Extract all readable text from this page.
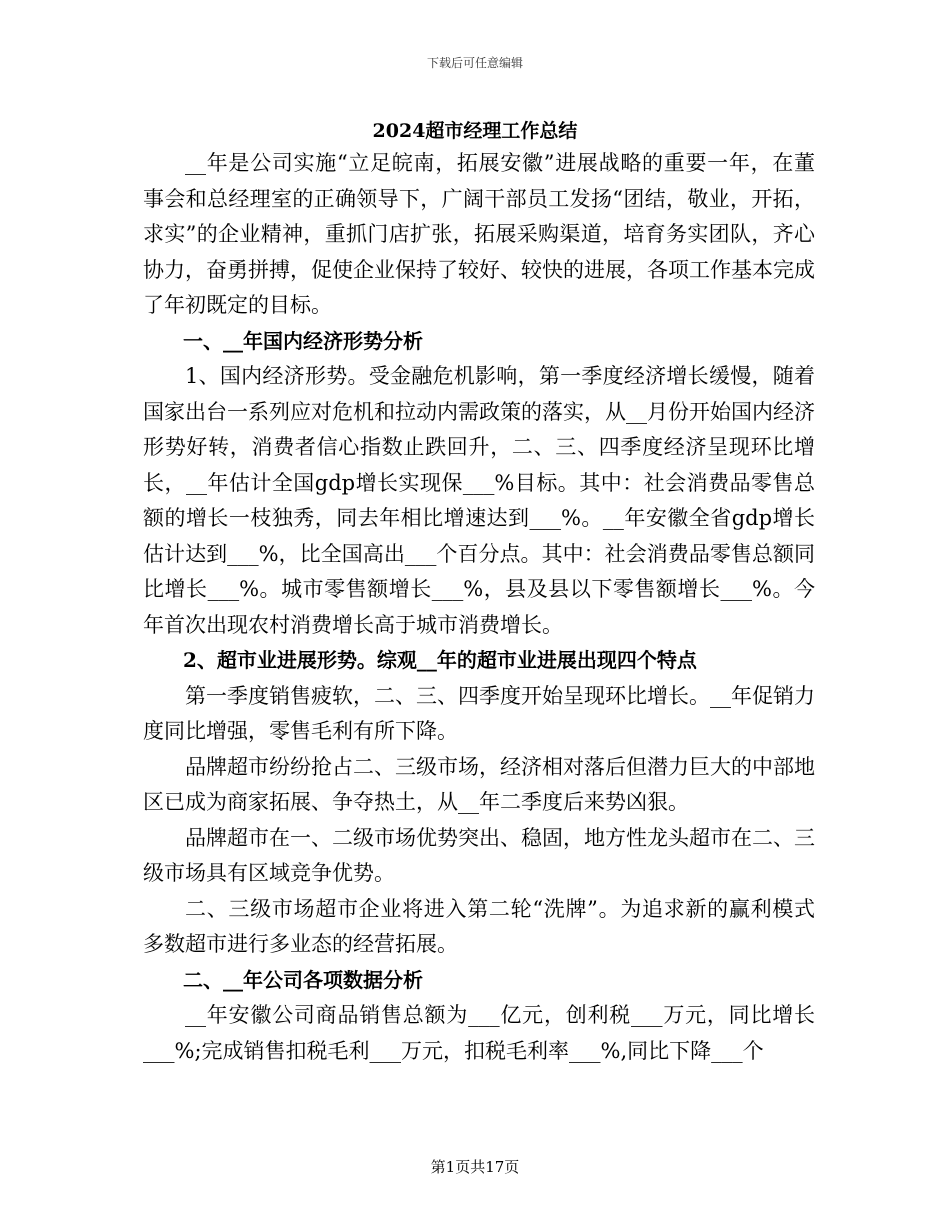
下载后可任意编辑
2024超市经理工作总结

__年是公司实施“立足皖南，拓展安徽”进展战略的重要一年，在董事会和总经理室的正确领导下，广阔干部员工发扬“团结，敬业，开拓，求实”的企业精神，重抓门店扩张，拓展采购渠道，培育务实团队，齐心协力，奋勇拼搏，促使企业保持了较好、较快的进展，各项工作基本完成了年初既定的目标。

一、__年国内经济形势分析

1、国内经济形势。受金融危机影响，第一季度经济增长缓慢，随着国家出台一系列应对危机和拉动内需政策的落实，从__月份开始国内经济形势好转，消费者信心指数止跌回升，二、三、四季度经济呈现环比增长，__年估计全国gdp增长实现保___%目标。其中：社会消费品零售总额的增长一枝独秀，同去年相比增速达到___%。__年安徽全省gdp增长估计达到___%，比全国高出___个百分点。其中：社会消费品零售总额同比增长___%。城市零售额增长___%，县及县以下零售额增长___%。今年首次出现农村消费增长高于城市消费增长。

2、超市业进展形势。综观__年的超市业进展出现四个特点

第一季度销售疲软，二、三、四季度开始呈现环比增长。__年促销力度同比增强，零售毛利有所下降。

品牌超市纷纷抢占二、三级市场，经济相对落后但潜力巨大的中部地区已成为商家拓展、争夺热土，从__年二季度后来势凶狠。

品牌超市在一、二级市场优势突出、稳固，地方性龙头超市在二、三级市场具有区域竞争优势。

二、三级市场超市企业将进入第二轮“洗牌”。为追求新的赢利模式多数超市进行多业态的经营拓展。

二、__年公司各项数据分析

__年安徽公司商品销售总额为___亿元，创利税___万元，同比增长___%;完成销售扣税毛利___万元，扣税毛利率___%,同比下降___个

第1页共17页
